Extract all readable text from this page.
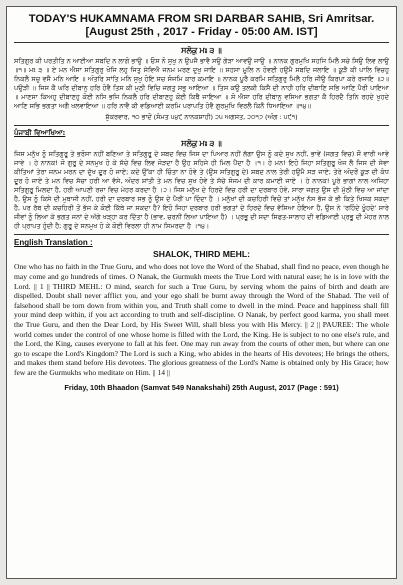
TODAY'S HUKAMNAMA FROM SRI DARBAR SAHIB, Sri Amritsar.
[August 25th , 2017 - Friday - 05:00 AM. IST]
ਸਲੋਕੁ ਮਃ ੩ ॥

ਸਤਿਗੁਰ ਕੀ ਪਰਤੀਤਿ ਨ ਆਈਆ ਸਬਦਿ ਨ ਲਾਗੋ ਭਾਉ ॥ ਓਸ ਨੋ ਸੁਖੁ ਨ ਉਪਜੈ ਭਾਵੈ ਸਉ ਗੇੜਾ ਆਵਉ ਜਾਉ ॥ ਨਾਨਕ ਗੁਰਮੁਖਿ ਸਹਜਿ ਮਿਲੈ ਸਚੇ ਸਿਉ ਲਿਵ ਲਾਉ ॥੧॥ ਮਃ ੩ ॥ ਏ ਮਨ ਐਸਾ ਸਤਿਗੁਰੁ ਖੋਜਿ ਲਹੁ ਜਿਤੁ ਸੇਵਿਐ ਜਨਮ ਮਰਣ ਦੁਖੁ ਜਾਇ ॥ ਸਹਸਾ ਮੂਲਿ ਨ ਹੋਵਈ ਹਉਮੈ ਸਬਦਿ ਜਲਾਇ ॥ ਕੂੜੈ ਕੀ ਪਾਲਿ ਵਿਚਹੁ ਨਿਕਲੈ ਸਚੁ ਵਸੈ ਮਨਿ ਆਇ ॥ ਅੰਤਰਿ ਸਾਂਤਿ ਮਨਿ ਸੁਖੁ ਹੋਇ ਸਚ ਸੰਜਮਿ ਕਾਰ ਕਮਾਇ ॥ ਨਾਨਕ ਪੂਰੈ ਕਰਮਿ ਸਤਿਗੁਰੁ ਮਿਲੈ ਹਰਿ ਜੀਉ ਕਿਰਪਾ ਕਰੇ ਰਜਾਇ ॥੨॥ ਪਉੜੀ ॥ ਜਿਸ ਕੈ ਘਰਿ ਦੀਬਾਨੁ ਹਰਿ ਹੋਵੈ ਤਿਸ ਕੀ ਮੁਠੀ ਵਿਚਿ ਜਗਤੁ ਸਭੁ ਆਇਆ ॥ ਤਿਸ ਕਉ ਤਲਕੀ ਕਿਸੈ ਦੀ ਨਾਹੀ ਹਰਿ ਦੀਬਾਣਿ ਸਭਿ ਆਣਿ ਪੈਰੀ ਪਾਇਆ ॥ ਮਾਣਸਾ ਕਿਅਹੁ ਦੀਬਾਣਹੁ ਕੋਈ ਨਸਿ ਭਜਿ ਨਿਕਲੈ ਹਰਿ ਦੀਬਾਣਹੁ ਕੋਈ ਕਿਥੈ ਜਾਇਆ ॥ ਸੋ ਐਸਾ ਹਰਿ ਦੀਬਾਨੁ ਵਸਿਆ ਭਗਤਾ ਕੈ ਹਿਰਦੈ ਤਿਨਿ ਰਹਦੇ ਖੁਹਦੇ ਆਣਿ ਸਭਿ ਭਗਤਾ ਅਗੈ ਖਲਵਾਇਆ ॥ ਹਰਿ ਨਾਵੈ ਕੀ ਵਡਿਆਈ ਕਰਮਿ ਪਰਾਪਤਿ ਹੋਵੈ ਗੁਰਮੁਖਿ ਵਿਰਲੈ ਕਿਨੈ ਧਿਆਇਆ ॥੧੪॥

ਸ਼ੁੱਕਰਵਾਰ, ੧੦ ਭਾਦੋਂ (ਸੰਮਤ ੫੪੯ ਨਾਨਕਸ਼ਾਹੀ) ੨੫ ਅਗਸਤ, ੨੦੧੭ (ਅੰਗ : ੫੯੧)
ਪੰਜਾਬੀ ਵਿਆਖਿਆ:
ਸਲੋਕੁ ਮਃ ੩ ॥

ਜਿਸ ਮਨੁੱਖ ਨੂੰ ਸਤਿਗੁਰੂ ਤੇ ਭਰੋਸਾ ਨਹੀਂ ਬਣਿਆ ਤੇ ਸਤਿਗੁਰੂ ਦੇ ਸ਼ਬਦ ਵਿਚ ਜਿਸ ਦਾ ਪਿਆਰ ਨਹੀਂ ਲੱਗਾ ਉਸ ਨੂੰ ਕਦੇ ਸੁਖ ਨਹੀਂ, ਭਾਵੇਂ (ਜਗਤ ਵਿਚ) ਸੌ ਵਾਰੀ ਆਵੇ ਜਾਵੇ । ਹੇ ਨਾਨਕ! ਜੋ ਗੁਰੂ ਦੇ ਸਨਮੁਖ ਹੋ ਕੇ ਸੱਚੇ ਵਿਚ ਲਿਵ ਜੋੜਦਾ ਹੈ ਉਹ ਸਹਿਜੇ ਹੀ ਮਿਲ ਪੈਂਦਾ ਹੈ ।੧। ਹੇ ਮਨ! ਇਹੋ ਜਿਹਾ ਸਤਿਗੁਰੂ ਖੋਜ ਲੈ ਜਿਸ ਦੀ ਸੇਵਾ ਕੀਤਿਆਂ ਤੇਰਾ ਜਨਮ ਮਰਨ ਦਾ ਦੁੱਖ ਦੂਰ ਹੋ ਜਾਏ; ਕਦੇ ਉੱਕਾ ਹੀ ਚਿੰਤਾ ਨਾ ਹੋਵੇ ਤੇ (ਉਸ ਸਤਿਗੁਰੂ ਦੇ) ਸ਼ਬਦ ਨਾਲ ਤੇਰੀ ਹਉਮੈ ਸੜ ਜਾਏ; ਤੇਰੇ ਅੰਦਰੋਂ ਕੂੜ ਦੀ ਕੰਧ ਦੂਰ ਹੋ ਜਾਏ ਤੇ ਮਨ ਵਿਚ ਸੱਚਾ ਹਰੀ ਆ ਵੱਸੇ, ਅੰਦਰ ਸ਼ਾਂਤੀ ਤੇ ਮਨ ਵਿਚ ਸੁਖ ਹੋਵੇ ਤੇ ਸੱਚੇ ਸੰਜਮ ਦੀ ਕਾਰ ਕਮਾਈ ਜਾਏ । ਹੇ ਨਾਨਕ! ਪੂਰੇ ਭਾਗਾਂ ਨਾਲ ਅਜਿਹਾ ਸਤਿਗੁਰੂ ਮਿਲਦਾ ਹੈ, ਹਰੀ ਆਪਣੀ ਰਜ਼ਾ ਵਿਚ ਮੇਹਰ ਕਰਦਾ ਹੈ ।੨। ਜਿਸ ਮਨੁੱਖ ਦੇ ਹਿਰਦੇ ਵਿਚ ਹਰੀ ਦਾ ਦਰਬਾਰ ਹੋਵੇ, ਸਾਰਾ ਜਗਤ ਉਸ ਦੀ ਮੁੱਠੀ ਵਿਚ ਆ ਜਾਂਦਾ ਹੈ, ਉਸ ਨੂੰ ਕਿਸੇ ਦੀ ਮੁਥਾਜੀ ਨਹੀਂ, ਹਰੀ ਦਾ ਦਰਬਾਰ ਸਭ ਨੂੰ ਉਸ ਦੇ ਪੈਰੀਂ ਪਾ ਦਿੰਦਾ ਹੈ । ਮਨੁੱਖਾਂ ਦੀ ਕਚਹਿਰੀ ਵਿਚੋਂ ਤਾਂ ਮਨੁੱਖ ਨੱਸ ਭੱਜ ਕੇ ਭੀ ਕਿਤੇ ਖਿਸਕ ਸਕਦਾ ਹੈ, ਪਰ ਰੱਬ ਦੀ ਕਚਹਿਰੀ ਤੋਂ ਭੱਜ ਕੇ ਕੋਈ ਕਿੱਥੇ ਜਾ ਸਕਦਾ ਹੈ? ਇਹੋ ਜਿਹਾ ਦਰਬਾਰ ਹਰੀ ਭਗਤਾਂ ਦੇ ਹਿਰਦੇ ਵਿਚ ਵੱਸਿਆ ਹੋਇਆ ਹੈ, ਉਸ ਨੇ 'ਰਹਿੰਦੇ ਖੂੰਹਦੇ' ਸਾਰੇ ਜੀਵਾਂ ਨੂੰ ਲਿਆ ਕੇ ਭਗਤ ਜਨਾਂ ਦੇ ਅੱਗੇ ਖੜ੍ਹਾ ਕਰ ਦਿੱਤਾ ਹੈ (ਭਾਵ, ਚਰਨੀਂ ਲਿਆ ਪਾਇਆ ਹੈ) । ਪ੍ਰਭੂ ਦੀ ਸਦਾ ਸਿਫਤ-ਸਾਲਾਹ ਦੀ ਵਡਿਆਈ ਪ੍ਰਭੂ ਦੀ ਮੇਹਰ ਨਾਲ ਹੀ ਪ੍ਰਾਪਤ ਹੁੰਦੀ ਹੈ; ਗੁਰੂ ਦੇ ਸਨਮੁਖ ਹੋ ਕੇ ਕੋਈ ਵਿਰਲਾ ਹੀ ਨਾਮ ਸਿਮਰਦਾ ਹੈ ।੧੪।

English Translation :
SHALOK, THIRD MEHL:

One who has no faith in the True Guru, and who does not love the Word of the Shabad, shall find no peace, even though he may come and go hundreds of times. O Nanak, the Gurmukh meets the True Lord with natural ease; he is in love with the Lord. || 1 || THIRD MEHL: O mind, search for such a True Guru, by serving whom the pains of birth and death are dispelled. Doubt shall never afflict you, and your ego shall be burnt away through the Word of the Shabad. The veil of falsehood shall be torn down from within you, and Truth shall come to dwell in the mind. Peace and happiness shall fill your mind deep within, if you act according to truth and self-discipline. O Nanak, by perfect good karma, you shall meet the True Guru, and then the Dear Lord, by His Sweet Will, shall bless you with His Mercy. || 2 || PAUREE: The whole world comes under the control of one whose home is filled with the Lord, the King. He is subject to no one else's rule, and the Lord, the King, causes everyone to fall at his feet. One may run away from the courts of other men, but where can one go to escape the Lord's Kingdom? The Lord is such a King, who abides in the hearts of His devotees; He brings the others, and makes them stand before His devotees. The glorious greatness of the Lord's Name is obtained only by His Grace; how few are the Gurmukhs who meditate on Him. || 14 ||

Friday, 10th Bhaadon (Samvat 549 Nanakshahi) 25th August, 2017 (Page : 591)
